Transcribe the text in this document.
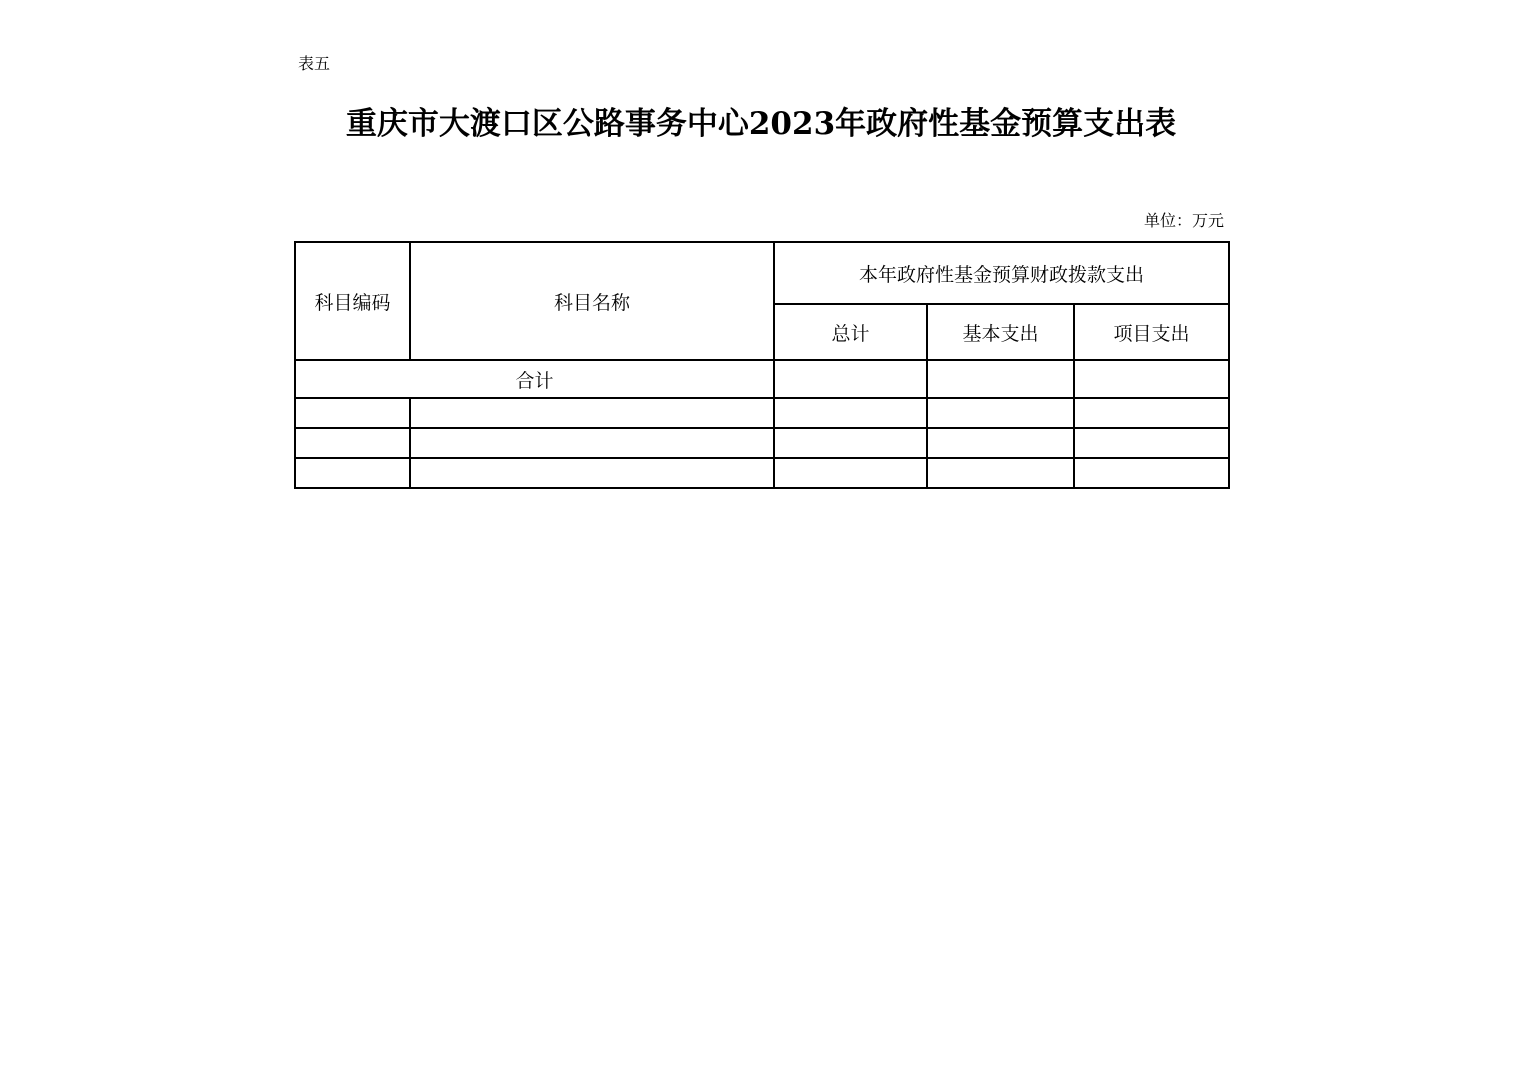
表五
重庆市大渡口区公路事务中心2023年政府性基金预算支出表
单位：万元
科目编码	科目名称	本年政府性基金预算财政拨款支出		
		总计	基本支出	项目支出
合计				
